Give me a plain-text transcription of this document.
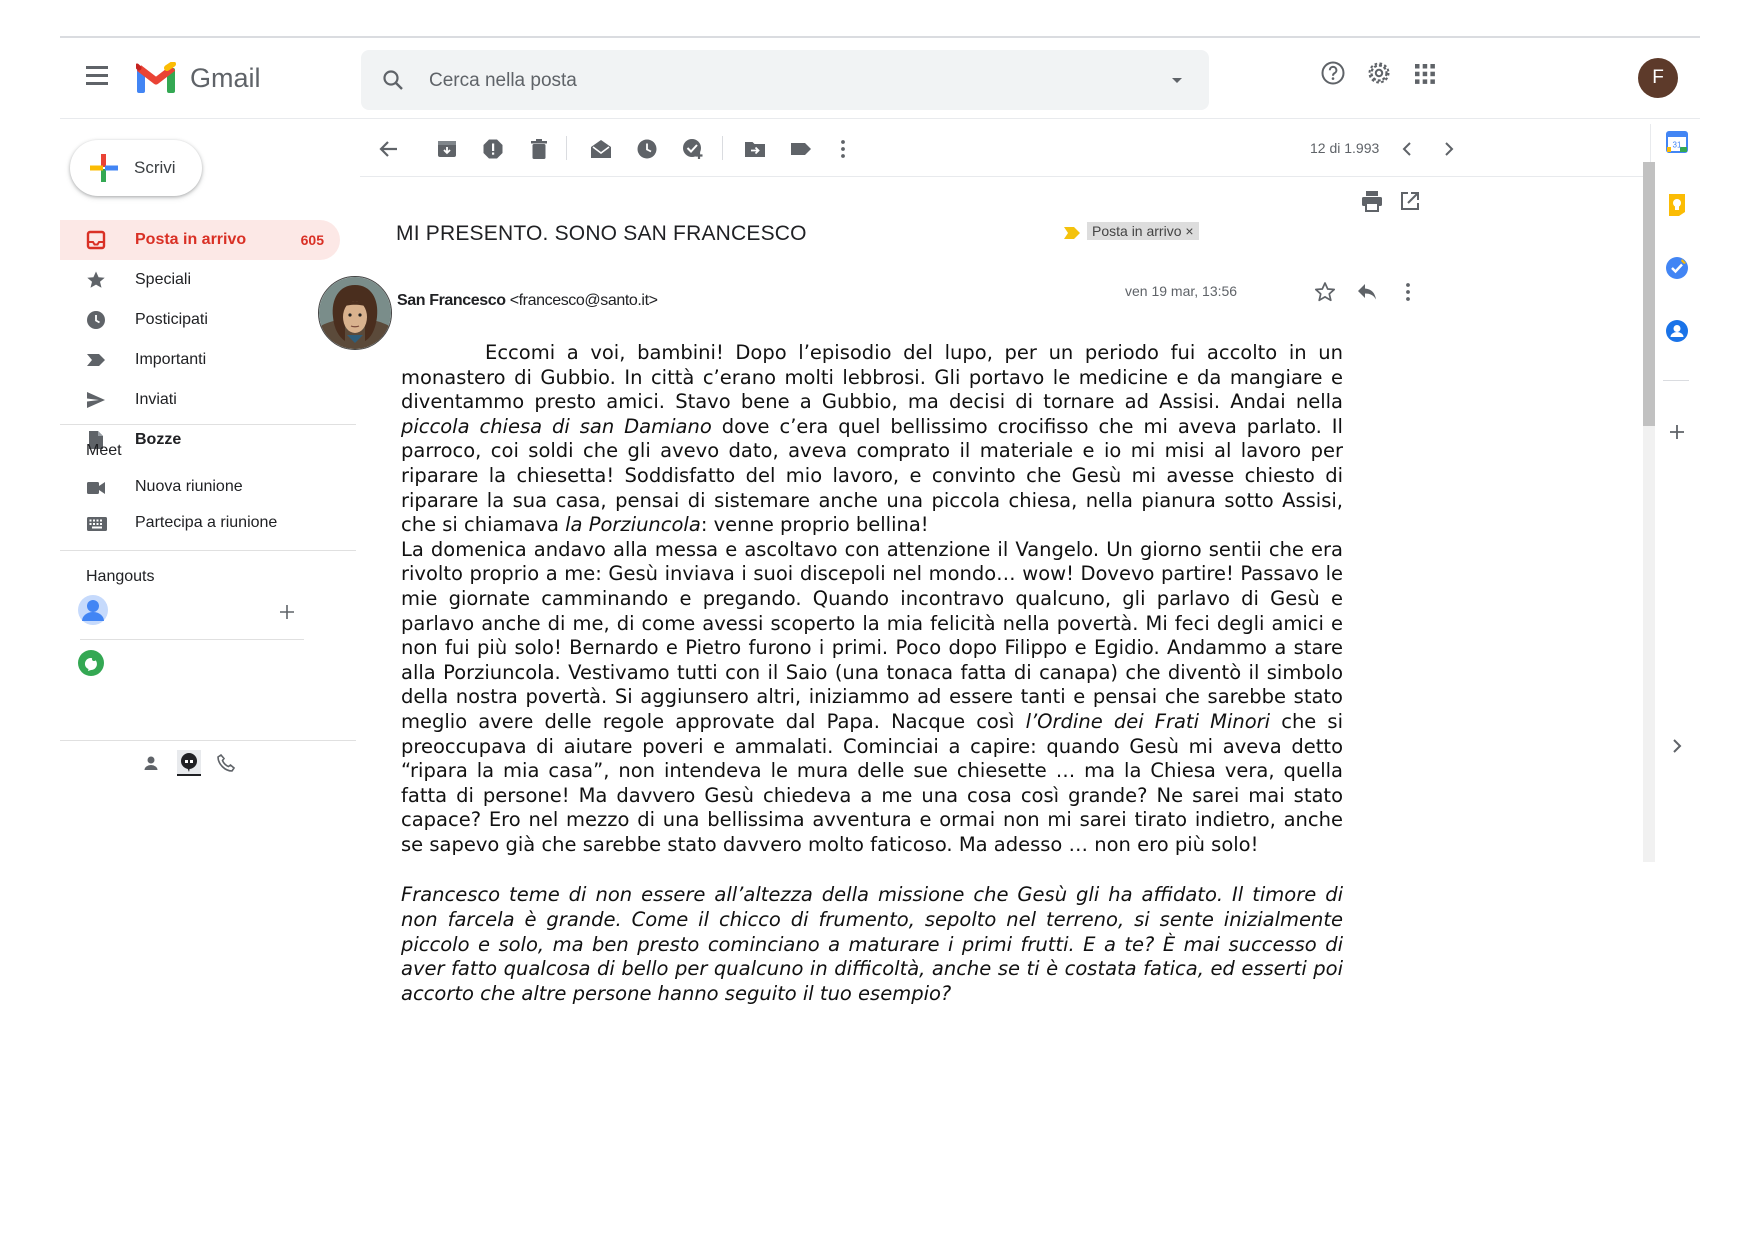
Gmail
Cerca nella posta	F
Scrivi
Posta in arrivo	605
Speciali
Posticipati
Importanti
Inviati
Bozze
Meet
Nuova riunione
Partecipa a riunione
Hangouts
12 di 1.993	31
MI PRESENTO. SONO SAN FRANCESCO	Posta in arrivo ×
San Francesco <francesco@santo.it>
ven 19 mar, 13:56

Eccomi a voi, bambini! Dopo l’episodio del lupo, per un periodo fui accolto in un monastero di Gubbio. In città c’erano molti lebbrosi. Gli portavo le medicine e da mangiare e diventammo presto amici. Stavo bene a Gubbio, ma decisi di tornare ad Assisi. Andai nella piccola chiesa di san Damiano dove c’era quel bellissimo crocifisso che mi aveva parlato. Il parroco, coi soldi che gli avevo dato, aveva comprato il materiale e io mi misi al lavoro per riparare la chiesetta! Soddisfatto del mio lavoro, e convinto che Gesù mi avesse chiesto di riparare la sua casa, pensai di sistemare anche una piccola chiesa, nella pianura sotto Assisi, che si chiamava la Porziuncola: venne proprio bellina!

La domenica andavo alla messa e ascoltavo con attenzione il Vangelo. Un giorno sentii che era rivolto proprio a me: Gesù inviava i suoi discepoli nel mondo… wow! Dovevo partire! Passavo le mie giornate camminando e pregando. Quando incontravo qualcuno, gli parlavo di Gesù e parlavo anche di me, di come avessi scoperto la mia felicità nella povertà. Mi feci degli amici e non fui più solo! Bernardo e Pietro furono i primi. Poco dopo Filippo e Egidio. Andammo a stare alla Porziuncola. Vestivamo tutti con il Saio (una tonaca fatta di canapa) che diventò il simbolo della nostra povertà. Si aggiunsero altri, iniziammo ad essere tanti e pensai che sarebbe stato meglio avere delle regole approvate dal Papa. Nacque così l’Ordine dei Frati Minori che si preoccupava di aiutare poveri e ammalati. Cominciai a capire: quando Gesù mi aveva detto “ripara la mia casa”, non intendeva le mura delle sue chiesette … ma la Chiesa vera, quella fatta di persone! Ma davvero Gesù chiedeva a me una cosa così grande? Ne sarei mai stato capace? Ero nel mezzo di una bellissima avventura e ormai non mi sarei tirato indietro, anche se sapevo già che sarebbe stato davvero molto faticoso. Ma adesso … non ero più solo!

Francesco teme di non essere all’altezza della missione che Gesù gli ha affidato. Il timore di non farcela è grande. Come il chicco di frumento, sepolto nel terreno, si sente inizialmente piccolo e solo, ma ben presto cominciano a maturare i primi frutti. E a te? È mai successo di aver fatto qualcosa di bello per qualcuno in difficoltà, anche se ti è costata fatica, ed esserti poi accorto che altre persone hanno seguito il tuo esempio?
